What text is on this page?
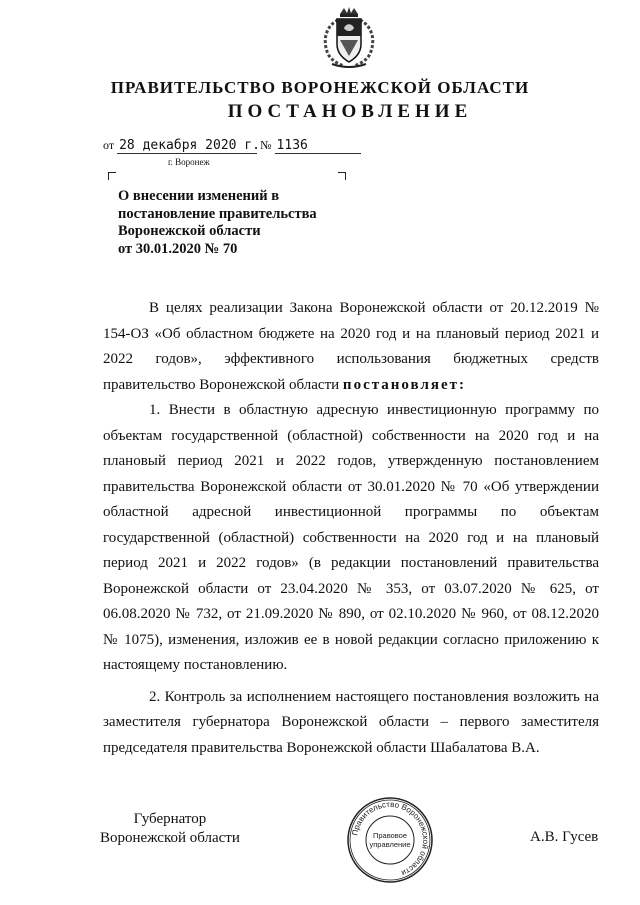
ПРАВИТЕЛЬСТВО ВОРОНЕЖСКОЙ ОБЛАСТИ
ПОСТАНОВЛЕНИЕ
от 28 декабря 2020 г. № 1136
г. Воронеж
О внесении изменений в
постановление правительства
Воронежской области
от 30.01.2020 № 70

В целях реализации Закона Воронежской области от 20.12.2019 № 154-ОЗ «Об областном бюджете на 2020 год и на плановый период 2021 и 2022 годов», эффективного использования бюджетных средств правительство Воронежской области постановляет:

1. Внести в областную адресную инвестиционную программу по объектам государственной (областной) собственности на 2020 год и на плановый период 2021 и 2022 годов, утвержденную постановлением правительства Воронежской области от 30.01.2020 № 70 «Об утверждении областной адресной инвестиционной программы по объектам государственной (областной) собственности на 2020 год и на плановый период 2021 и 2022 годов» (в редакции постановлений правительства Воронежской области от 23.04.2020 № 353, от 03.07.2020 № 625, от 06.08.2020 № 732, от 21.09.2020 № 890, от 02.10.2020 № 960, от 08.12.2020 № 1075), изменения, изложив ее в новой редакции согласно приложению к настоящему постановлению.

2. Контроль за исполнением настоящего постановления возложить на заместителя губернатора Воронежской области – первого заместителя председателя правительства Воронежской области Шабалатова В.А.

Губернатор
Воронежской области	Правительство Воронежской области
Правовое
управление	А.В. Гусев
